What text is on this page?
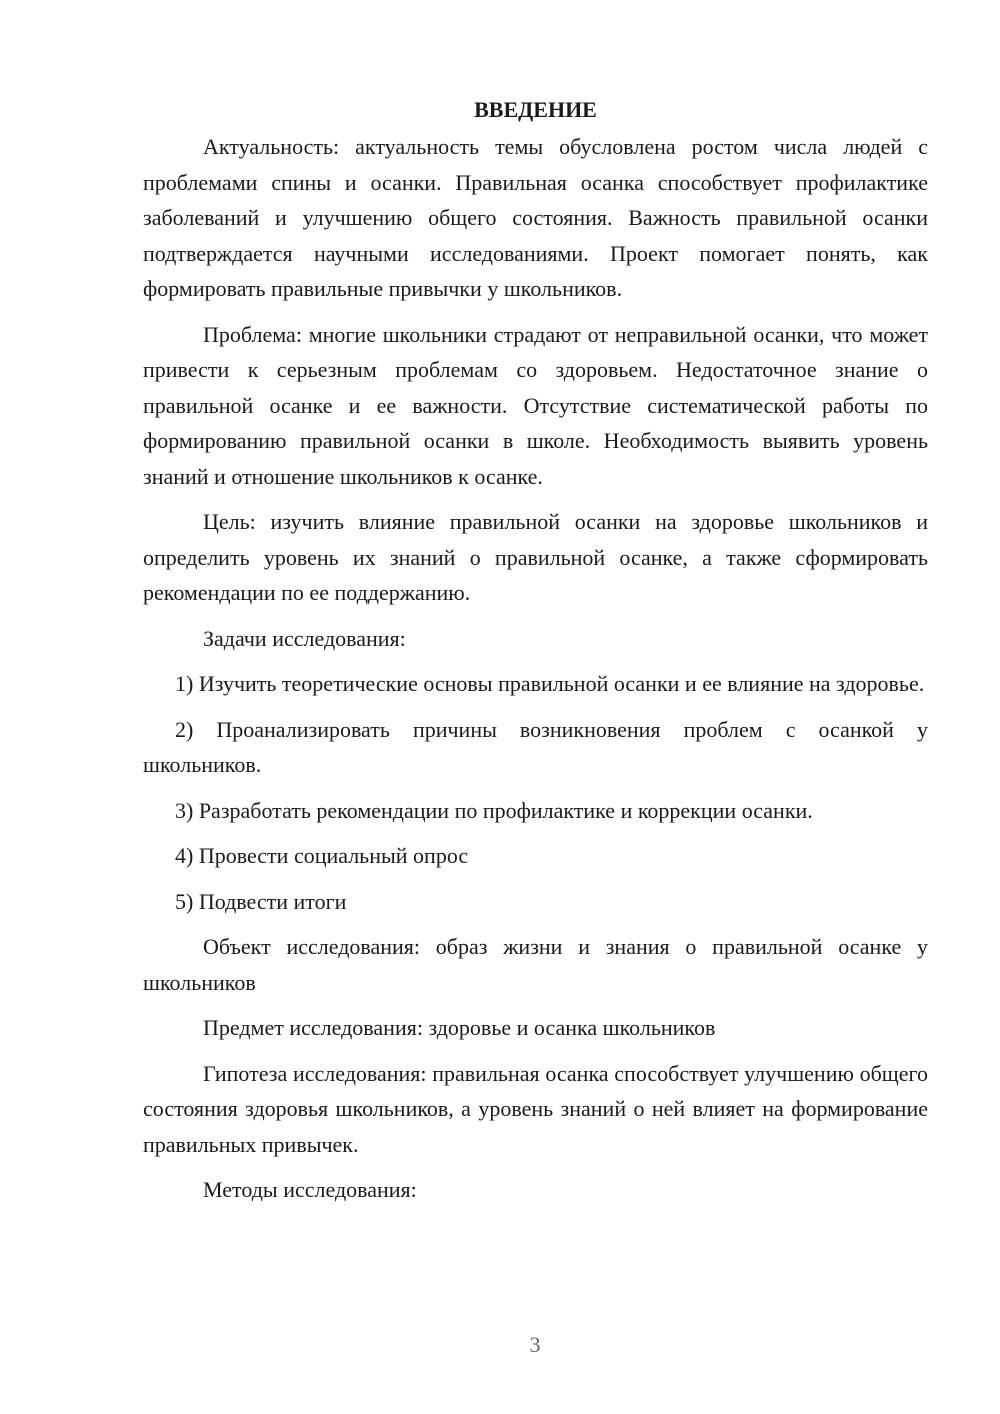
ВВЕДЕНИЕ

Актуальность: актуальность темы обусловлена ростом числа людей с проблемами спины и осанки. Правильная осанка способствует профилактике заболеваний и улучшению общего состояния. Важность правильной осанки подтверждается научными исследованиями. Проект помогает понять, как формировать правильные привычки у школьников.

Проблема: многие школьники страдают от неправильной осанки, что может привести к серьезным проблемам со здоровьем. Недостаточное знание о правильной осанке и ее важности. Отсутствие систематической работы по формированию правильной осанки в школе. Необходимость выявить уровень знаний и отношение школьников к осанке.

Цель: изучить влияние правильной осанки на здоровье школьников и определить уровень их знаний о правильной осанке, а также сформировать рекомендации по ее поддержанию.

Задачи исследования:

1) Изучить теоретические основы правильной осанки и ее влияние на здоровье.

2) Проанализировать причины возникновения проблем с осанкой у школьников.

3) Разработать рекомендации по профилактике и коррекции осанки.

4) Провести социальный опрос

5) Подвести итоги

Объект исследования: образ жизни и знания о правильной осанке у школьников

Предмет исследования: здоровье и осанка школьников

Гипотеза исследования: правильная осанка способствует улучшению общего состояния здоровья школьников, а уровень знаний о ней влияет на формирование правильных привычек.

Методы исследования:

3
